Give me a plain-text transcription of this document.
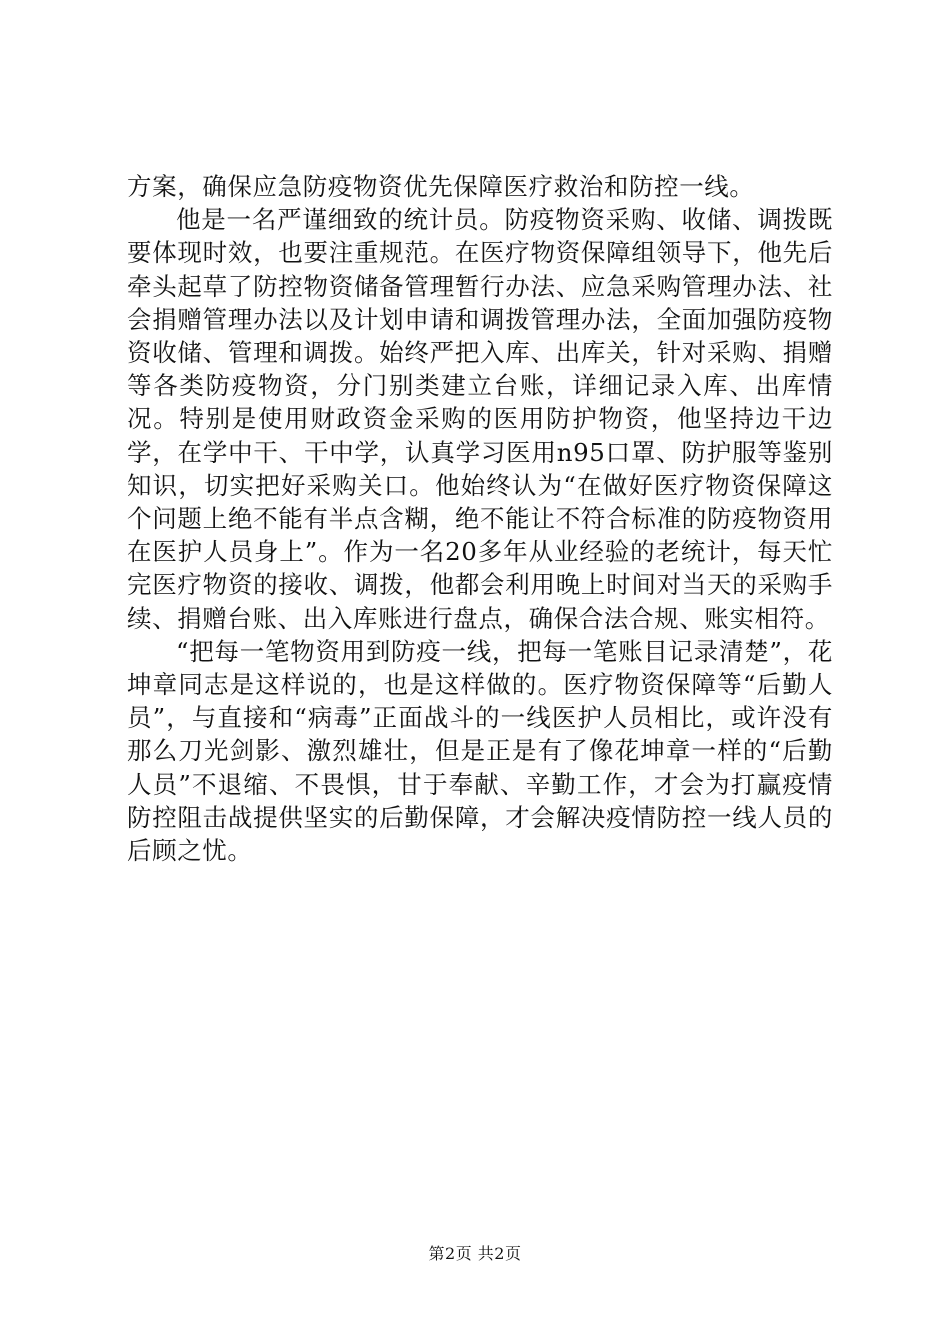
方案，确保应急防疫物资优先保障医疗救治和防控一线。

他是一名严谨细致的统计员。防疫物资采购、收储、调拨既要体现时效，也要注重规范。在医疗物资保障组领导下，他先后牵头起草了防控物资储备管理暂行办法、应急采购管理办法、社会捐赠管理办法以及计划申请和调拨管理办法，全面加强防疫物资收储、管理和调拨。始终严把入库、出库关，针对采购、捐赠等各类防疫物资，分门别类建立台账，详细记录入库、出库情况。特别是使用财政资金采购的医用防护物资，他坚持边干边学，在学中干、干中学，认真学习医用n95口罩、防护服等鉴别知识，切实把好采购关口。他始终认为“在做好医疗物资保障这个问题上绝不能有半点含糊，绝不能让不符合标准的防疫物资用在医护人员身上”。作为一名20多年从业经验的老统计，每天忙完医疗物资的接收、调拨，他都会利用晚上时间对当天的采购手续、捐赠台账、出入库账进行盘点，确保合法合规、账实相符。

“把每一笔物资用到防疫一线，把每一笔账目记录清楚”，花坤章同志是这样说的，也是这样做的。医疗物资保障等“后勤人员”，与直接和“病毒”正面战斗的一线医护人员相比，或许没有那么刀光剑影、激烈雄壮，但是正是有了像花坤章一样的“后勤人员”不退缩、不畏惧，甘于奉献、辛勤工作，才会为打赢疫情防控阻击战提供坚实的后勤保障，才会解决疫情防控一线人员的后顾之忧。

第2页 共2页
